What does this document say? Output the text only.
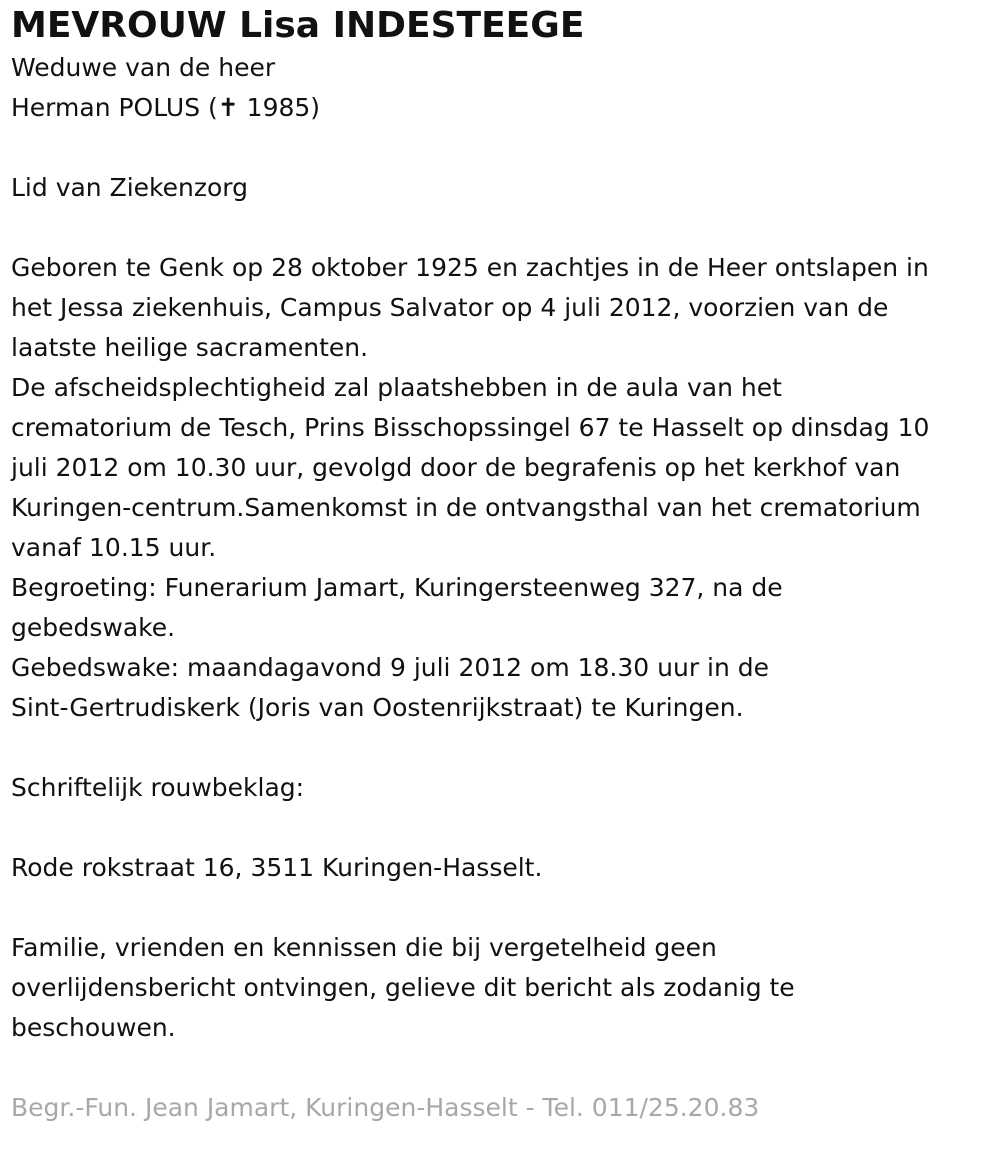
MEVROUW Lisa INDESTEEGE
Weduwe van de heer
Herman POLUS (✝ 1985)
Lid van Ziekenzorg
Geboren te Genk op 28 oktober 1925 en zachtjes in de Heer ontslapen in
het Jessa ziekenhuis, Campus Salvator op 4 juli 2012, voorzien van de
laatste heilige sacramenten.
De afscheidsplechtigheid zal plaatshebben in de aula van het
crematorium de Tesch, Prins Bisschopssingel 67 te Hasselt op dinsdag 10
juli 2012 om 10.30 uur, gevolgd door de begrafenis op het kerkhof van
Kuringen-centrum.Samenkomst in de ontvangsthal van het crematorium
vanaf 10.15 uur.
Begroeting: Funerarium Jamart, Kuringersteenweg 327, na de
gebedswake.
Gebedswake: maandagavond 9 juli 2012 om 18.30 uur in de
Sint-Gertrudiskerk (Joris van Oostenrijkstraat) te Kuringen.
Schriftelijk rouwbeklag:
Rode rokstraat 16, 3511 Kuringen-Hasselt.
Familie, vrienden en kennissen die bij vergetelheid geen
overlijdensbericht ontvingen, gelieve dit bericht als zodanig te
beschouwen.
Begr.-Fun. Jean Jamart, Kuringen-Hasselt - Tel. 011/25.20.83
